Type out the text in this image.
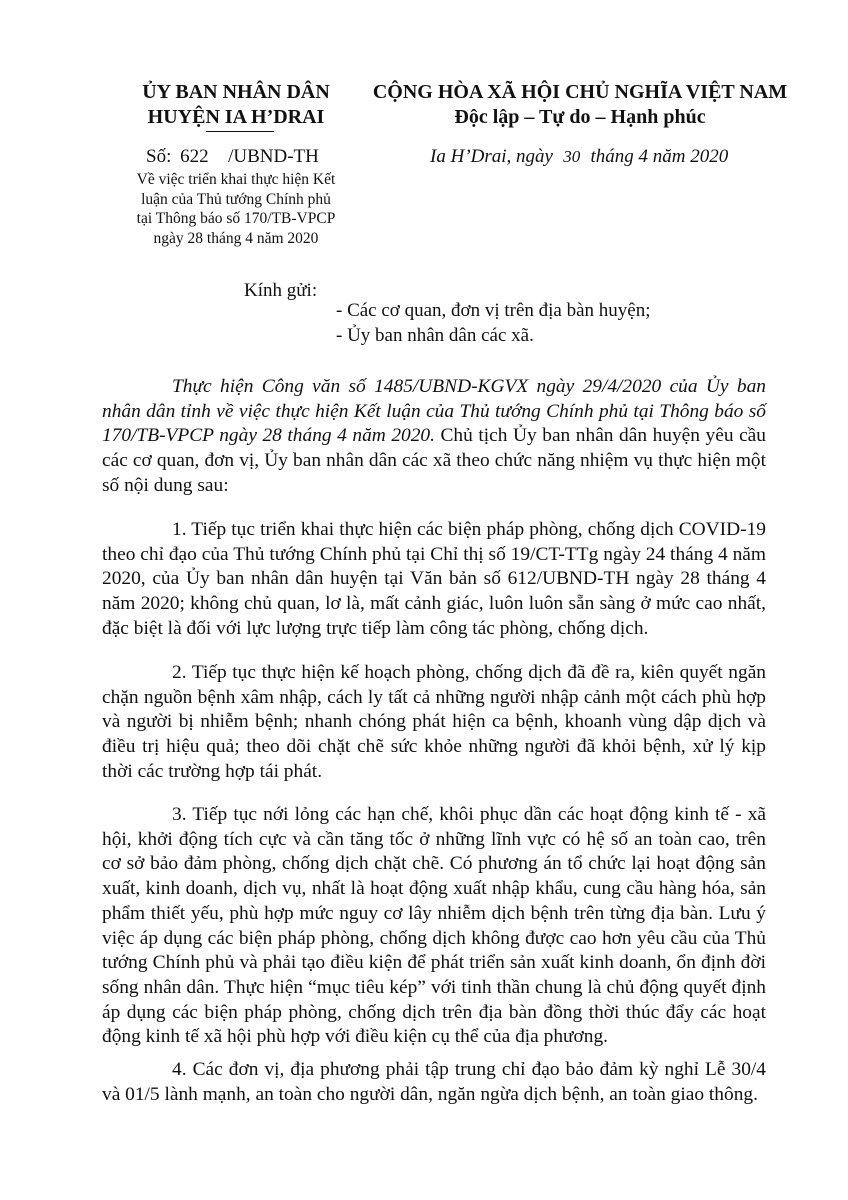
ỦY BAN NHÂN DÂN
HUYỆN IA H’DRAI
CỘNG HÒA XÃ HỘI CHỦ NGHĨA VIỆT NAM
Độc lập – Tự do – Hạnh phúc
Số: 622 /UBND-TH	Ia H’Drai, ngày 30 tháng 4 năm 2020
Về việc triển khai thực hiện Kết luận của Thủ tướng Chính phủ tại Thông báo số 170/TB-VPCP ngày 28 tháng 4 năm 2020
Kính gửi:
- Các cơ quan, đơn vị trên địa bàn huyện;
- Ủy ban nhân dân các xã.
Thực hiện Công văn số 1485/UBND-KGVX ngày 29/4/2020 của Ủy ban nhân dân tỉnh về việc thực hiện Kết luận của Thủ tướng Chính phủ tại Thông báo số 170/TB-VPCP ngày 28 tháng 4 năm 2020. Chủ tịch Ủy ban nhân dân huyện yêu cầu các cơ quan, đơn vị, Ủy ban nhân dân các xã theo chức năng nhiệm vụ thực hiện một số nội dung sau:
1. Tiếp tục triển khai thực hiện các biện pháp phòng, chống dịch COVID-19 theo chỉ đạo của Thủ tướng Chính phủ tại Chỉ thị số 19/CT-TTg ngày 24 tháng 4 năm 2020, của Ủy ban nhân dân huyện tại Văn bản số 612/UBND-TH ngày 28 tháng 4 năm 2020; không chủ quan, lơ là, mất cảnh giác, luôn luôn sẵn sàng ở mức cao nhất, đặc biệt là đối với lực lượng trực tiếp làm công tác phòng, chống dịch.
2. Tiếp tục thực hiện kế hoạch phòng, chống dịch đã đề ra, kiên quyết ngăn chặn nguồn bệnh xâm nhập, cách ly tất cả những người nhập cảnh một cách phù hợp và người bị nhiễm bệnh; nhanh chóng phát hiện ca bệnh, khoanh vùng dập dịch và điều trị hiệu quả; theo dõi chặt chẽ sức khỏe những người đã khỏi bệnh, xử lý kịp thời các trường hợp tái phát.
3. Tiếp tục nới lỏng các hạn chế, khôi phục dần các hoạt động kinh tế - xã hội, khởi động tích cực và cần tăng tốc ở những lĩnh vực có hệ số an toàn cao, trên cơ sở bảo đảm phòng, chống dịch chặt chẽ. Có phương án tổ chức lại hoạt động sản xuất, kinh doanh, dịch vụ, nhất là hoạt động xuất nhập khẩu, cung cầu hàng hóa, sản phẩm thiết yếu, phù hợp mức nguy cơ lây nhiễm dịch bệnh trên từng địa bàn. Lưu ý việc áp dụng các biện pháp phòng, chống dịch không được cao hơn yêu cầu của Thủ tướng Chính phủ và phải tạo điều kiện để phát triển sản xuất kinh doanh, ổn định đời sống nhân dân. Thực hiện “mục tiêu kép” với tinh thần chung là chủ động quyết định áp dụng các biện pháp phòng, chống dịch trên địa bàn đồng thời thúc đẩy các hoạt động kinh tế xã hội phù hợp với điều kiện cụ thể của địa phương.
4. Các đơn vị, địa phương phải tập trung chỉ đạo bảo đảm kỳ nghỉ Lễ 30/4 và 01/5 lành mạnh, an toàn cho người dân, ngăn ngừa dịch bệnh, an toàn giao thông.
